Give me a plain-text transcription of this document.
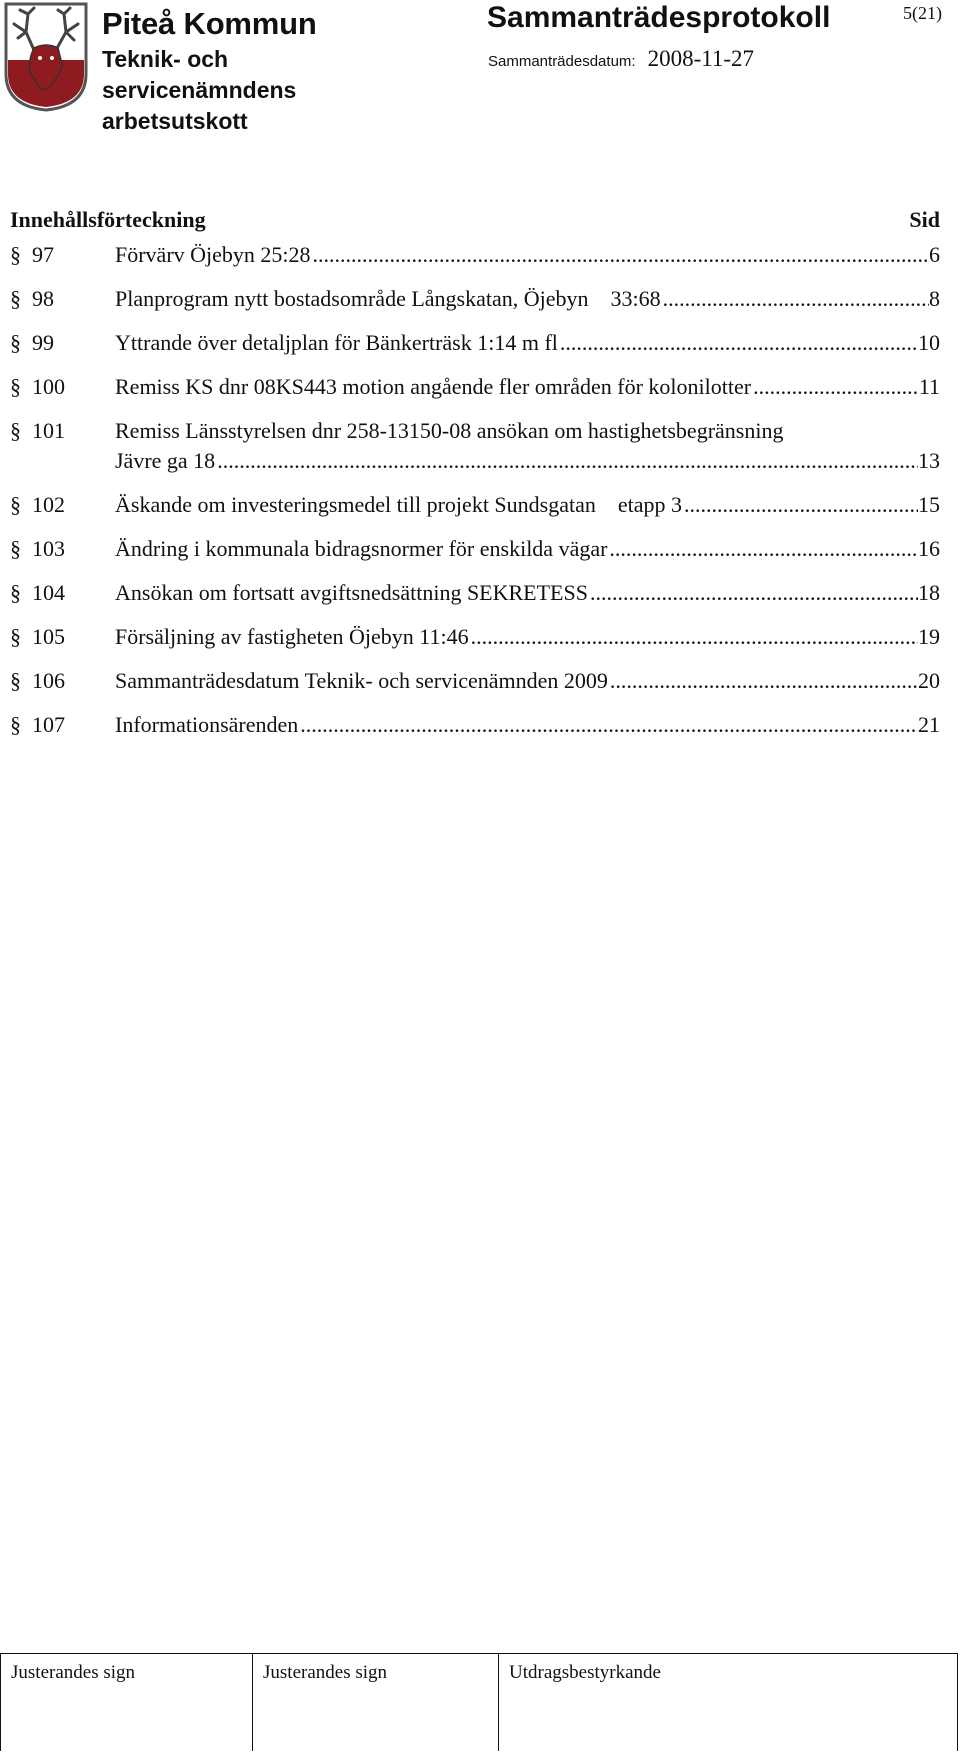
Piteå Kommun
Teknik- och servicenämndens arbetsutskott
Sammanträdesprotokoll	5(21)
Sammanträdesdatum: 2008-11-27
Innehållsförteckning	Sid
§ 97	Förvärv Öjebyn 25:28 .....	6
§ 98	Planprogram nytt bostadsområde Långskatan, Öjebyn    33:68 .....	8
§ 99	Yttrande över detaljplan för Bänkerträsk 1:14 m fl .....	10
§ 100	Remiss KS dnr 08KS443 motion angående fler områden för kolonilotter .....	11
§ 101	Remiss Länsstyrelsen dnr 258-13150-08 ansökan om hastighetsbegränsning
Jävre ga 18 .....	13
§ 102	Äskande om investeringsmedel till projekt Sundsgatan    etapp 3 .....	15
§ 103	Ändring i kommunala bidragsnormer för enskilda vägar .....	16
§ 104	Ansökan om fortsatt avgiftsnedsättning SEKRETESS .....	18
§ 105	Försäljning av fastigheten Öjebyn 11:46 .....	19
§ 106	Sammanträdesdatum Teknik- och servicenämnden 2009 .....	20
§ 107	Informationsärenden .....	21
Justerandes sign	Justerandes sign	Utdragsbestyrkande
